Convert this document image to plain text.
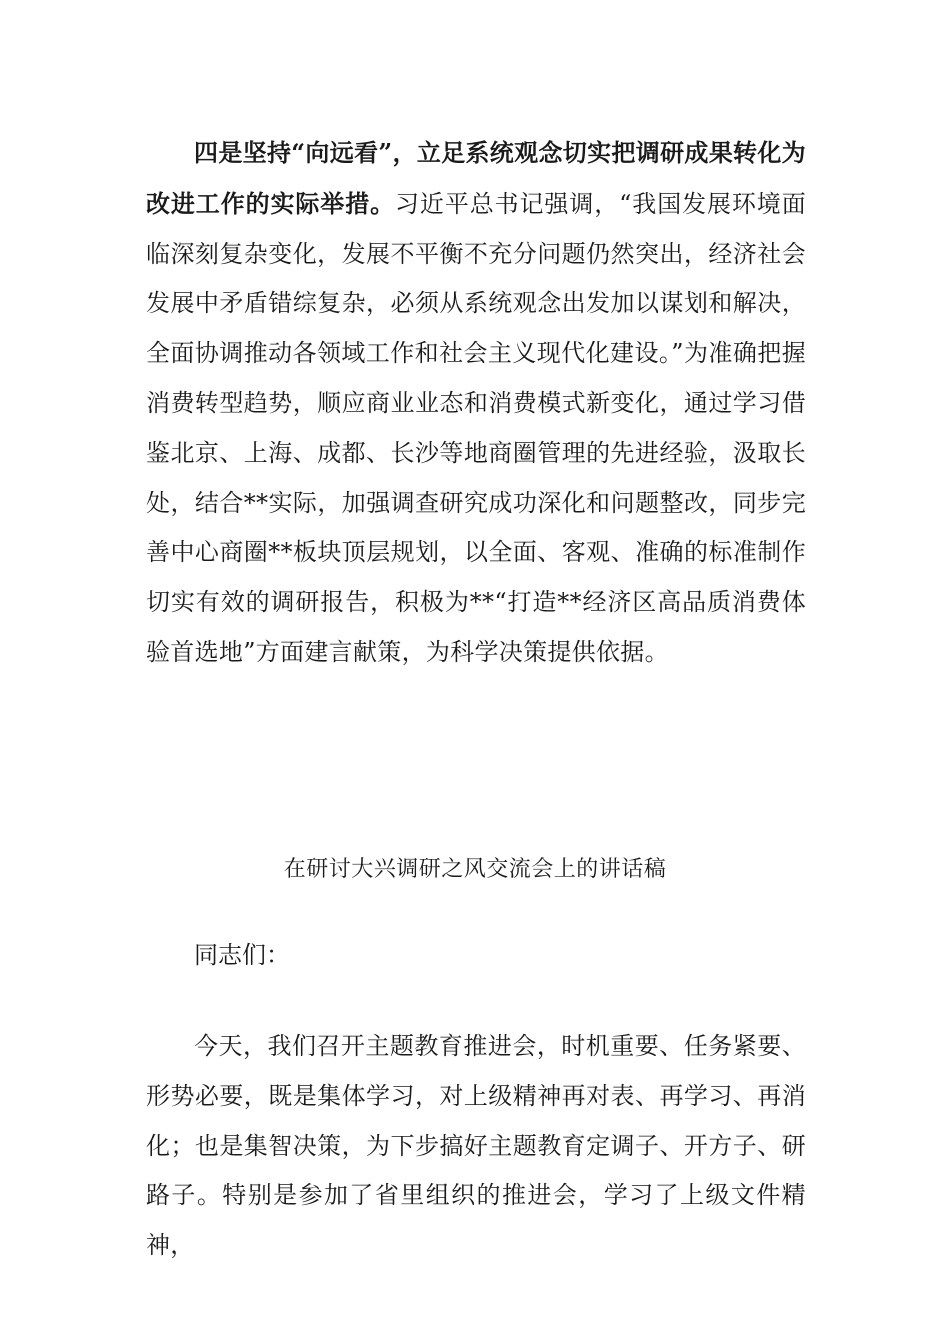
四是坚持“向远看”，立足系统观念切实把调研成果转化为改进工作的实际举措。习近平总书记强调，“我国发展环境面临深刻复杂变化，发展不平衡不充分问题仍然突出，经济社会发展中矛盾错综复杂，必须从系统观念出发加以谋划和解决，全面协调推动各领域工作和社会主义现代化建设。”为准确把握消费转型趋势，顺应商业业态和消费模式新变化，通过学习借鉴北京、上海、成都、长沙等地商圈管理的先进经验，汲取长处，结合**实际，加强调查研究成功深化和问题整改，同步完善中心商圈**板块顶层规划，以全面、客观、准确的标准制作切实有效的调研报告，积极为**“打造**经济区高品质消费体验首选地”方面建言献策，为科学决策提供依据。

在研讨大兴调研之风交流会上的讲话稿

同志们：

今天，我们召开主题教育推进会，时机重要、任务紧要、形势必要，既是集体学习，对上级精神再对表、再学习、再消化；也是集智决策，为下步搞好主题教育定调子、开方子、研路子。特别是参加了省里组织的推进会，学习了上级文件精神，
